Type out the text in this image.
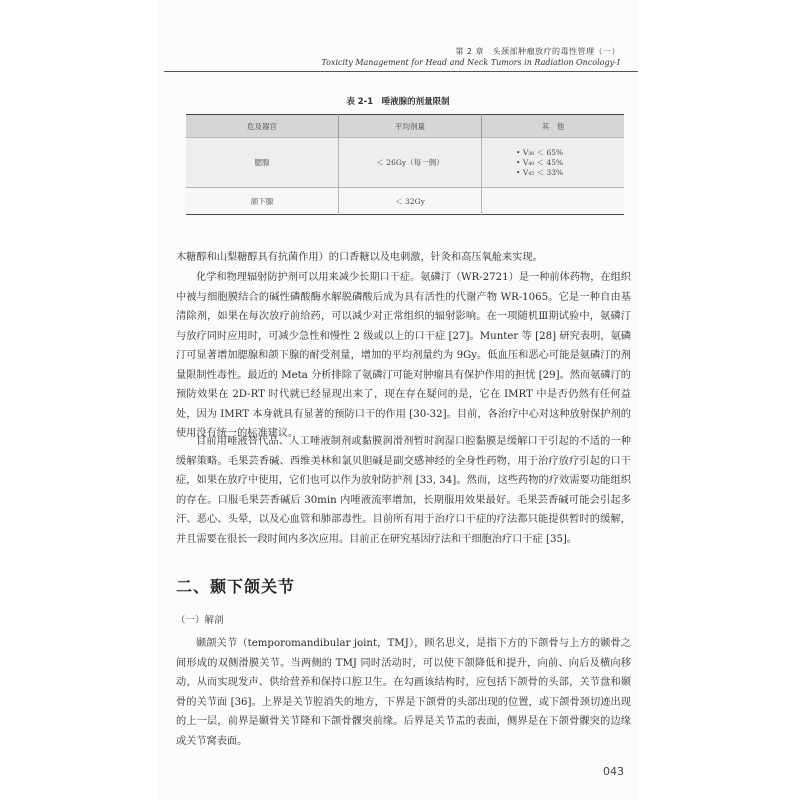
第 2 章　头颈部肿瘤放疗的毒性管理（一）
Toxicity Management for Head and Neck Tumors in Radiation Oncology-I
表 2-1　唾液腺的剂量限制
危及器官	平均剂量	其　他
腮腺	＜ 26Gy（每一侧）	• V₃₀ ＜ 65%
• V₄₀ ＜ 45%
• V₄₅ ＜ 33%

颌下腺	＜ 32Gy	

木糖醇和山梨糖醇具有抗菌作用）的口香糖以及电刺激，针灸和高压氧舱来实现。

化学和物理辐射防护剂可以用来减少长期口干症。氨磷汀（WR-2721）是一种前体药物，在组织中被与细胞膜结合的碱性磷酸酶水解脱磷酸后成为具有活性的代谢产物 WR-1065。它是一种自由基清除剂，如果在每次放疗前给药，可以减少对正常组织的辐射影响。在一项随机Ⅲ期试验中，氨磷汀与放疗同时应用时，可减少急性和慢性 2 级或以上的口干症 [27]。Munter 等 [28] 研究表明，氨磷汀可显著增加腮腺和颌下腺的耐受剂量，增加的平均剂量约为 9Gy。低血压和恶心可能是氨磷汀的剂量限制性毒性。最近的 Meta 分析排除了氨磷汀可能对肿瘤具有保护作用的担忧 [29]。然而氨磷汀的预防效果在 2D-RT 时代就已经显现出来了，现在存在疑问的是，它在 IMRT 中是否仍然有任何益处，因为 IMRT 本身就具有显著的预防口干的作用 [30-32]。目前，各治疗中心对这种放射保护剂的使用没有统一的标准建议。

目前用唾液替代品、人工唾液制剂或黏膜润滑剂暂时润湿口腔黏膜是缓解口干引起的不适的一种缓解策略。毛果芸香碱、西维美林和氯贝胆碱是副交感神经的全身性药物，用于治疗放疗引起的口干症，如果在放疗中使用，它们也可以作为放射防护剂 [33, 34]。然而，这些药物的疗效需要功能组织的存在。口服毛果芸香碱后 30min 内唾液流率增加，长期服用效果最好。毛果芸香碱可能会引起多汗、恶心、头晕，以及心血管和肺部毒性。目前所有用于治疗口干症的疗法都只能提供暂时的缓解，并且需要在很长一段时间内多次应用。目前正在研究基因疗法和干细胞治疗口干症 [35]。

二、颞下颌关节
（一）解剖

颞颌关节（temporomandibular joint，TMJ），顾名思义，是指下方的下颌骨与上方的颞骨之间形成的双侧滑膜关节。当两侧的 TMJ 同时活动时，可以使下颌降低和提升，向前、向后及横向移动，从而实现发声、供给营养和保持口腔卫生。在勾画该结构时，应包括下颌骨的头部，关节盘和颞骨的关节面 [36]。上界是关节腔消失的地方，下界是下颌骨的头部出现的位置，或下颌骨颈切迹出现的上一层，前界是颞骨关节隆和下颌骨髁突前缘。后界是关节盂的表面，侧界是在下颌骨髁突的边缘或关节窝表面。

043
